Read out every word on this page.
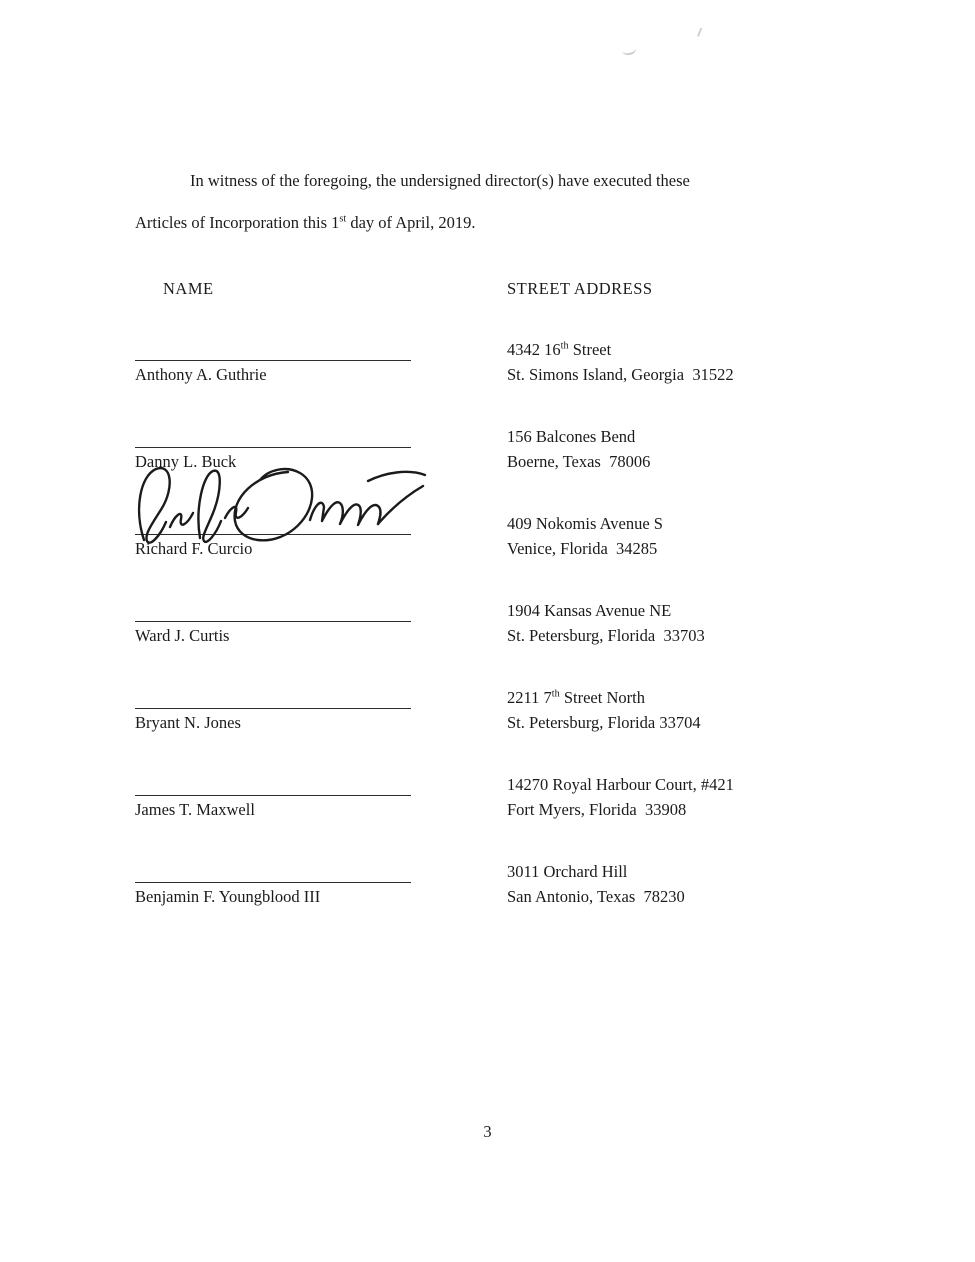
In witness of the foregoing, the undersigned director(s) have executed these
Articles of Incorporation this 1st day of April, 2019.
NAME	STREET ADDRESS
4342 16th Street
Anthony A. Guthrie	St. Simons Island, Georgia  31522
156 Balcones Bend
Danny L. Buck	Boerne, Texas  78006
409 Nokomis Avenue S
Richard F. Curcio	Venice, Florida  34285
1904 Kansas Avenue NE
Ward J. Curtis	St. Petersburg, Florida  33703
2211 7th Street North
Bryant N. Jones	St. Petersburg, Florida 33704
14270 Royal Harbour Court, #421
James T. Maxwell	Fort Myers, Florida  33908
3011 Orchard Hill
Benjamin F. Youngblood III	San Antonio, Texas  78230
3
